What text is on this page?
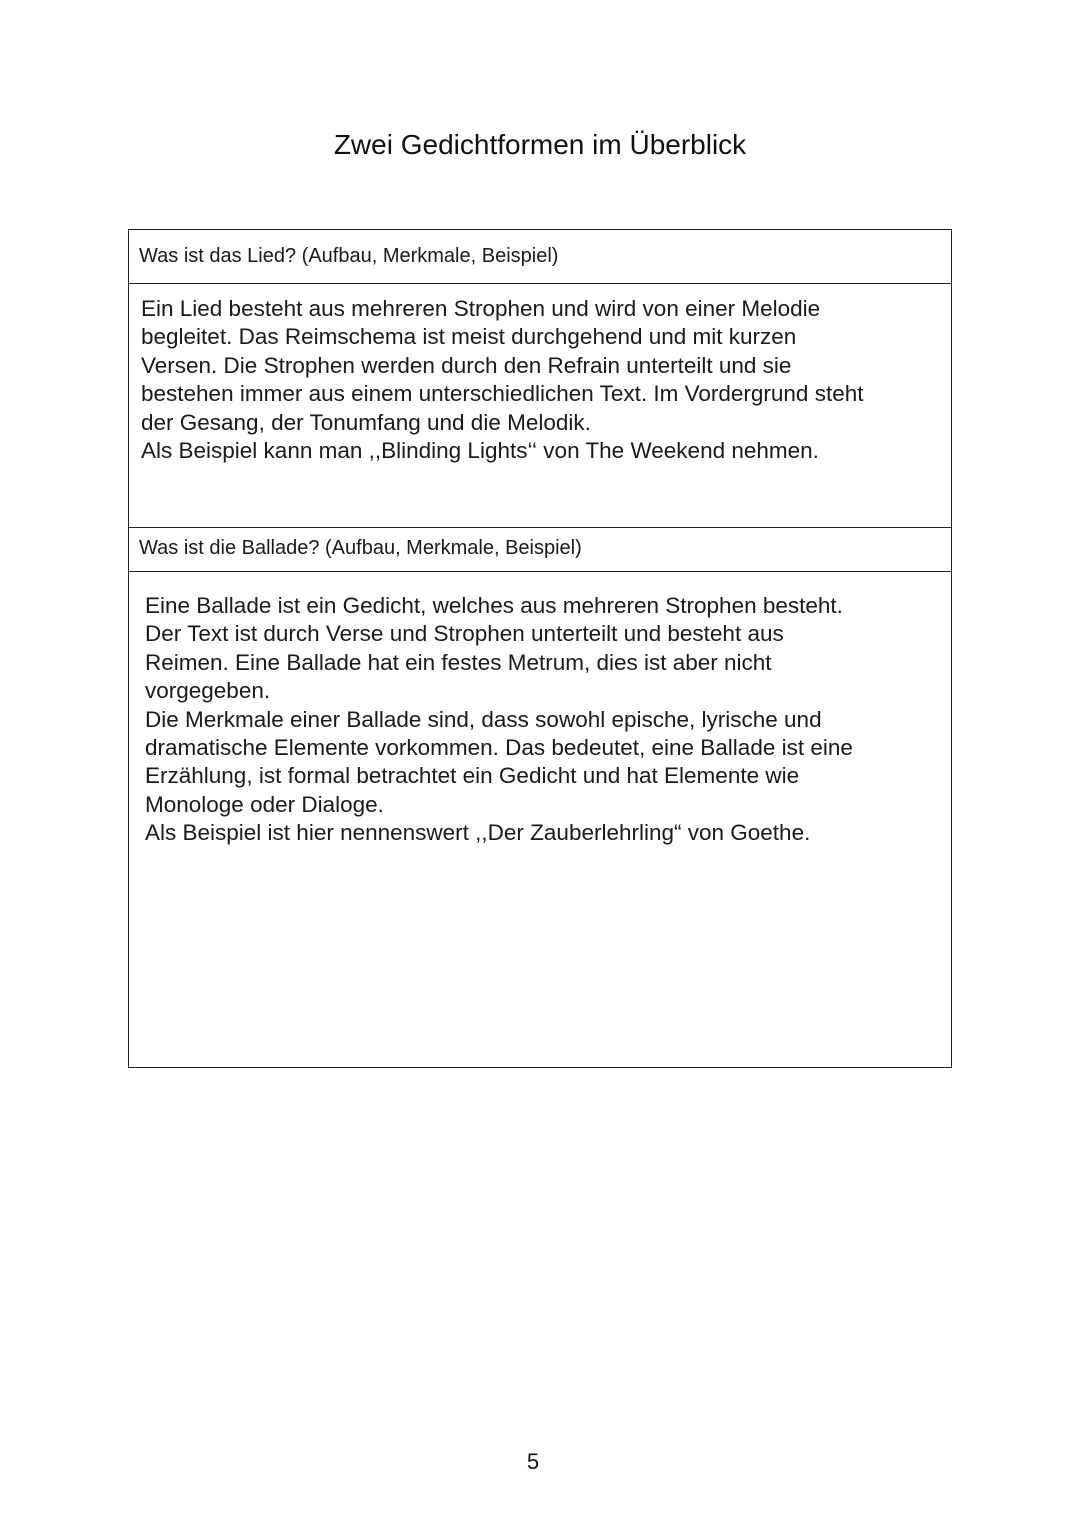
Zwei Gedichtformen im Überblick
Was ist das Lied? (Aufbau, Merkmale, Beispiel)

Ein Lied besteht aus mehreren Strophen und wird von einer Melodie

begleitet. Das Reimschema ist meist durchgehend und mit kurzen

Versen. Die Strophen werden durch den Refrain unterteilt und sie

bestehen immer aus einem unterschiedlichen Text. Im Vordergrund steht

der Gesang, der Tonumfang und die Melodik.

Als Beispiel kann man ,,Blinding Lights‘‘ von The Weekend nehmen.

Was ist die Ballade? (Aufbau, Merkmale, Beispiel)

Eine Ballade ist ein Gedicht, welches aus mehreren Strophen besteht.

Der Text ist durch Verse und Strophen unterteilt und besteht aus

Reimen. Eine Ballade hat ein festes Metrum, dies ist aber nicht

vorgegeben.

Die Merkmale einer Ballade sind, dass sowohl epische, lyrische und

dramatische Elemente vorkommen. Das bedeutet, eine Ballade ist eine

Erzählung, ist formal betrachtet ein Gedicht und hat Elemente wie

Monologe oder Dialoge.

Als Beispiel ist hier nennenswert ,,Der Zauberlehrling“ von Goethe.

5
